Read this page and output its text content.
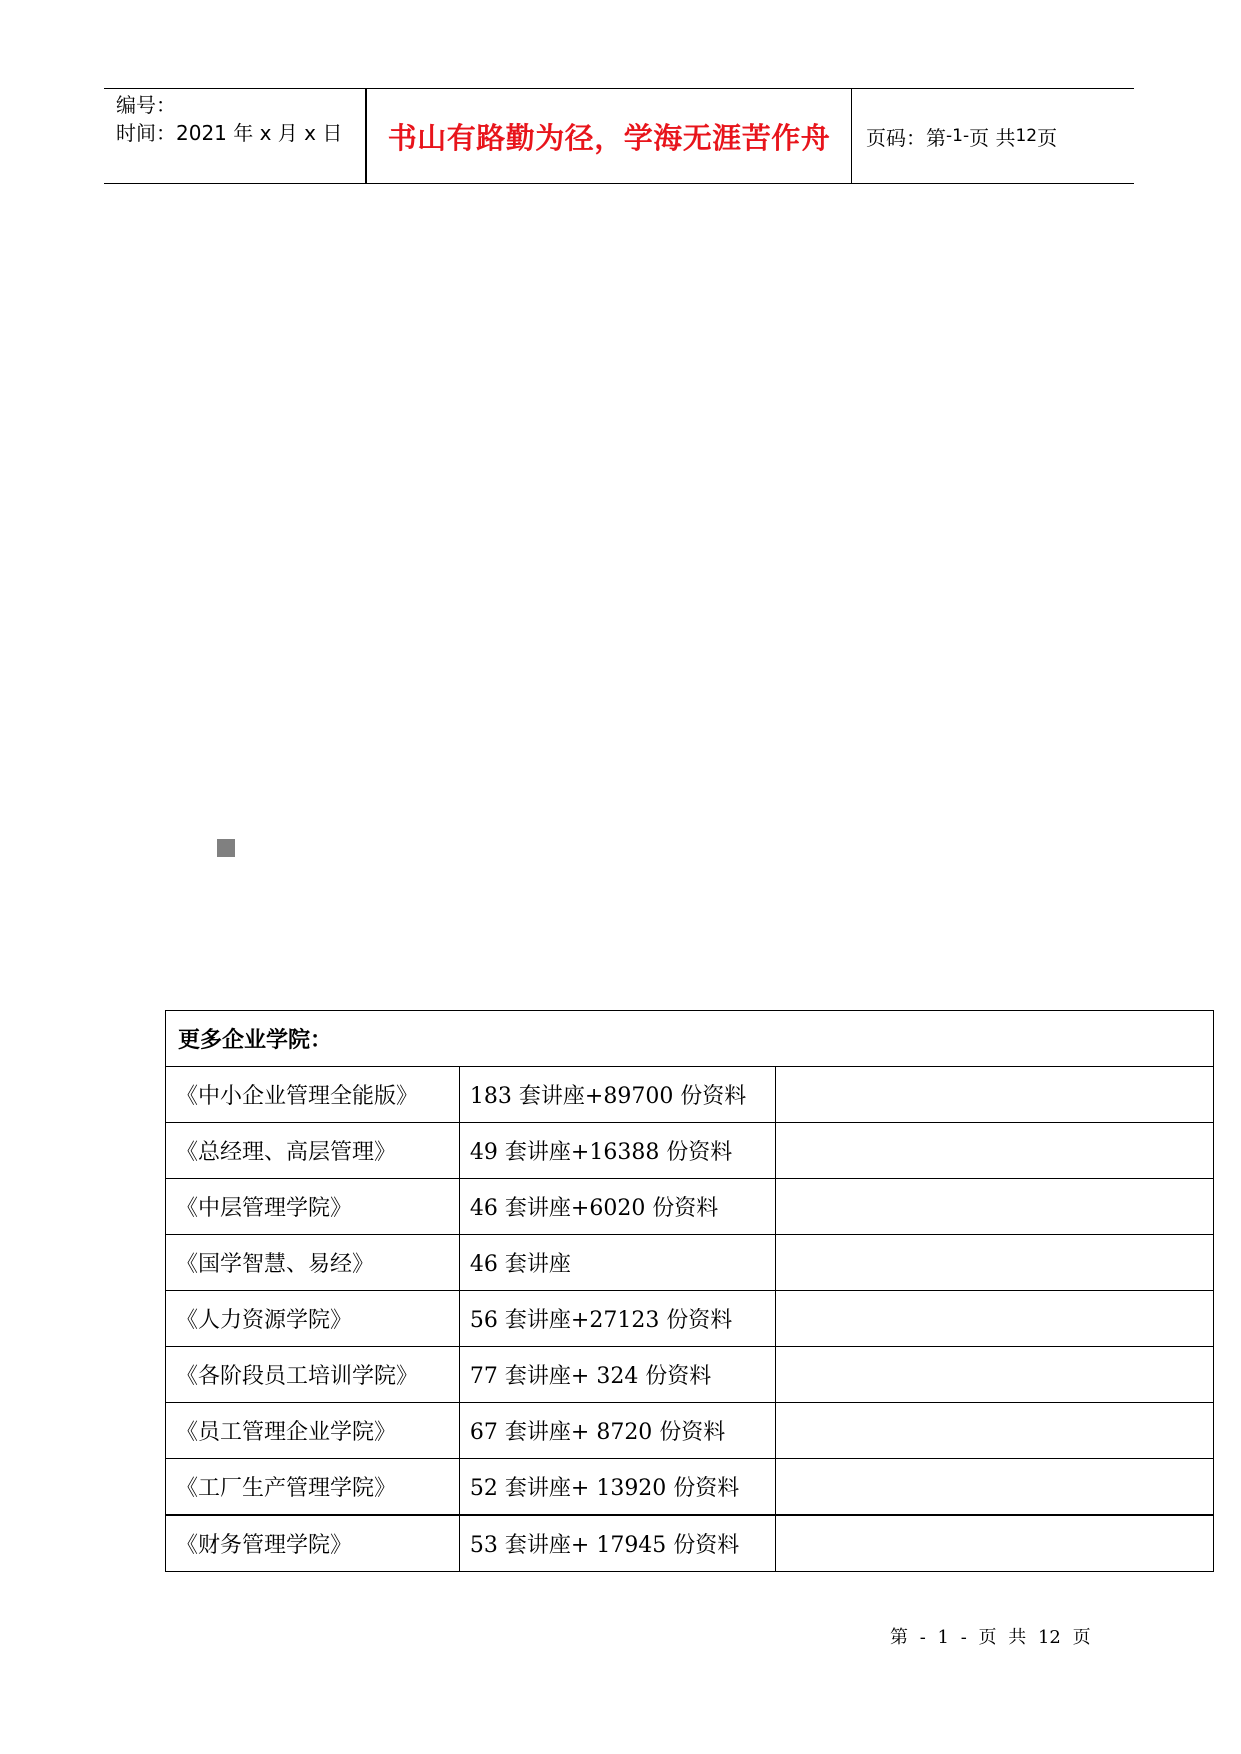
编号：
时间：2021 年 x 月 x 日	书山有路勤为径，学海无涯苦作舟	页码：第 -1- 页 共 12 页
更多企业学院：		
《中小企业管理全能版》	183 套讲座+89700 份资料	
《总经理、高层管理》	49 套讲座+16388 份资料	
《中层管理学院》	46 套讲座+6020 份资料	
《国学智慧、易经》	46 套讲座	
《人力资源学院》	56 套讲座+27123 份资料	
《各阶段员工培训学院》	77 套讲座+ 324 份资料	
《员工管理企业学院》	67 套讲座+ 8720 份资料	
《工厂生产管理学院》	52 套讲座+ 13920 份资料	
《财务管理学院》	53 套讲座+ 17945 份资料	
第 - 1 - 页 共 12 页
